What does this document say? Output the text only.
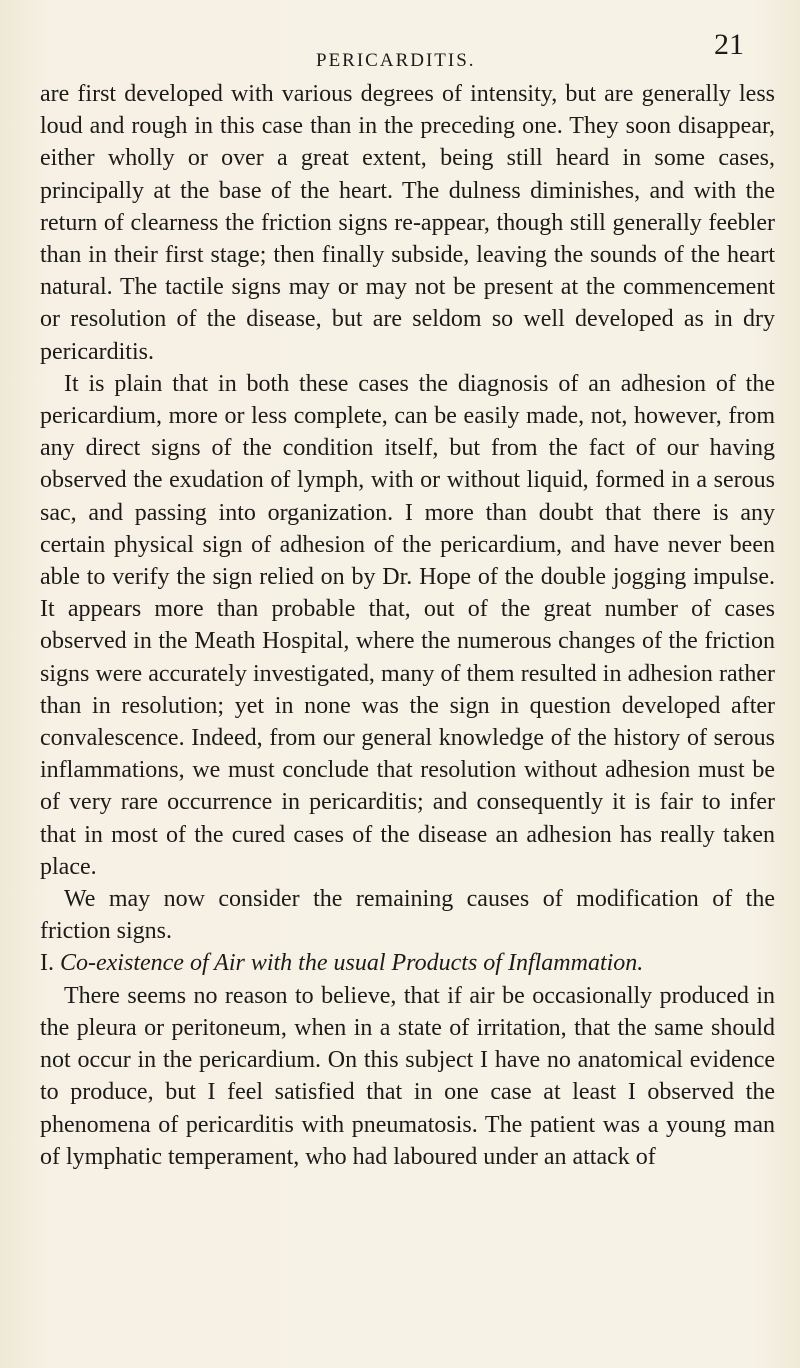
PERICARDITIS.	21

are first developed with various degrees of intensity, but are generally less loud and rough in this case than in the preceding one. They soon disappear, either wholly or over a great extent, being still heard in some cases, principally at the base of the heart. The dulness diminishes, and with the return of clearness the friction signs re-appear, though still generally feebler than in their first stage; then finally subside, leaving the sounds of the heart natural. The tactile signs may or may not be present at the commencement or resolution of the disease, but are seldom so well developed as in dry pericarditis.

It is plain that in both these cases the diagnosis of an adhesion of the pericardium, more or less complete, can be easily made, not, however, from any direct signs of the condition itself, but from the fact of our having observed the exudation of lymph, with or without liquid, formed in a serous sac, and passing into organization. I more than doubt that there is any certain physical sign of adhesion of the pericardium, and have never been able to verify the sign relied on by Dr. Hope of the double jogging impulse. It appears more than probable that, out of the great number of cases observed in the Meath Hospital, where the numerous changes of the friction signs were accurately investigated, many of them resulted in adhesion rather than in resolution; yet in none was the sign in question developed after convalescence. Indeed, from our general knowledge of the history of serous inflammations, we must conclude that resolution without adhesion must be of very rare occurrence in pericarditis; and consequently it is fair to infer that in most of the cured cases of the disease an adhesion has really taken place.

We may now consider the remaining causes of modification of the friction signs.

I. Co-existence of Air with the usual Products of Inflammation.

There seems no reason to believe, that if air be occasionally produced in the pleura or peritoneum, when in a state of irritation, that the same should not occur in the pericardium. On this subject I have no anatomical evidence to produce, but I feel satisfied that in one case at least I observed the phenomena of pericarditis with pneumatosis. The patient was a young man of lymphatic temperament, who had laboured under an attack of
